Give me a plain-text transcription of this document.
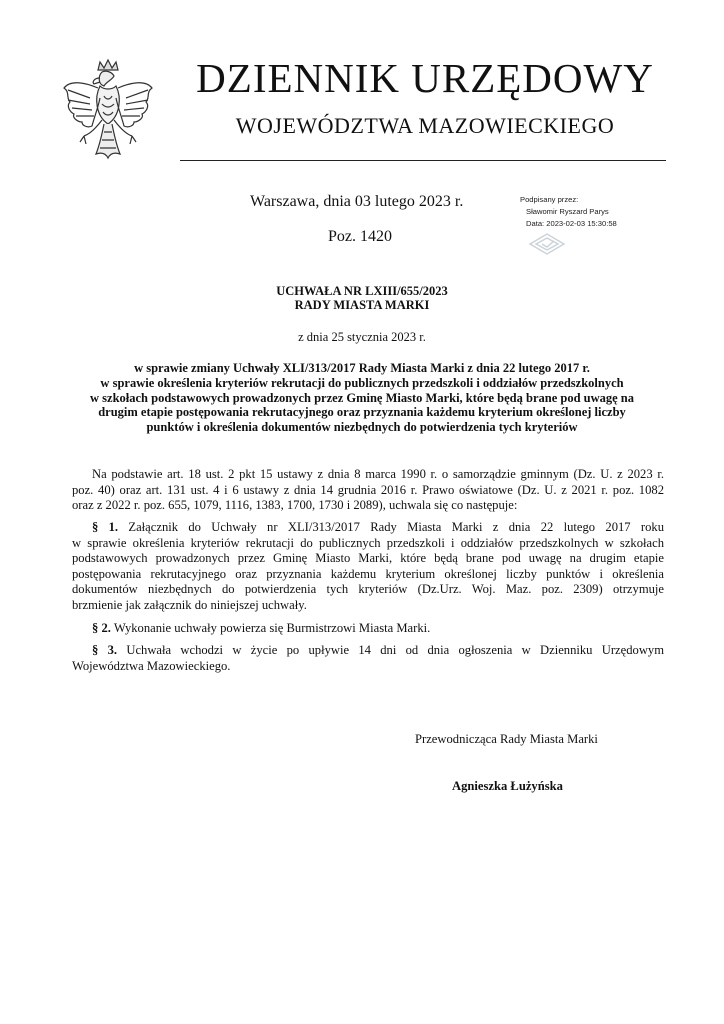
DZIENNIK URZĘDOWY
WOJEWÓDZTWA MAZOWIECKIEGO
Warszawa, dnia 03 lutego 2023 r.
Poz. 1420
Podpisany przez:
Sławomir Ryszard Parys
Data: 2023-02-03 15:30:58
UCHWAŁA NR LXIII/655/2023
RADY MIASTA MARKI
z dnia 25 stycznia 2023 r.
w sprawie zmiany Uchwały XLI/313/2017 Rady Miasta Marki z dnia 22 lutego 2017 r.
w sprawie określenia kryteriów rekrutacji do publicznych przedszkoli i oddziałów przedszkolnych
w szkołach podstawowych prowadzonych przez Gminę Miasto Marki, które będą brane pod uwagę na
drugim etapie postępowania rekrutacyjnego oraz przyznania każdemu kryterium określonej liczby
punktów i określenia dokumentów niezbędnych do potwierdzenia tych kryteriów
Na podstawie art. 18 ust. 2 pkt 15 ustawy z dnia 8 marca 1990 r. o samorządzie gminnym (Dz. U. z 2023 r.
poz. 40) oraz art. 131 ust. 4 i 6 ustawy z dnia 14 grudnia 2016 r. Prawo oświatowe (Dz. U. z 2021 r. poz. 1082
oraz z 2022 r. poz. 655, 1079, 1116, 1383, 1700, 1730 i 2089), uchwala się co następuje:
§ 1. Załącznik do Uchwały nr XLI/313/2017 Rady Miasta Marki z dnia 22 lutego 2017 roku
w sprawie określenia kryteriów rekrutacji do publicznych przedszkoli i oddziałów przedszkolnych w szkołach
podstawowych prowadzonych przez Gminę Miasto Marki, które będą brane pod uwagę na drugim etapie
postępowania rekrutacyjnego oraz przyznania każdemu kryterium określonej liczby punktów i określenia
dokumentów niezbędnych do potwierdzenia tych kryteriów (Dz.Urz. Woj. Maz. poz. 2309) otrzymuje
brzmienie jak załącznik do niniejszej uchwały.
§ 2. Wykonanie uchwały powierza się Burmistrzowi Miasta Marki.
§ 3. Uchwała wchodzi w życie po upływie 14 dni od dnia ogłoszenia w Dzienniku Urzędowym
Województwa Mazowieckiego.
Przewodnicząca Rady Miasta Marki
Agnieszka Łużyńska
